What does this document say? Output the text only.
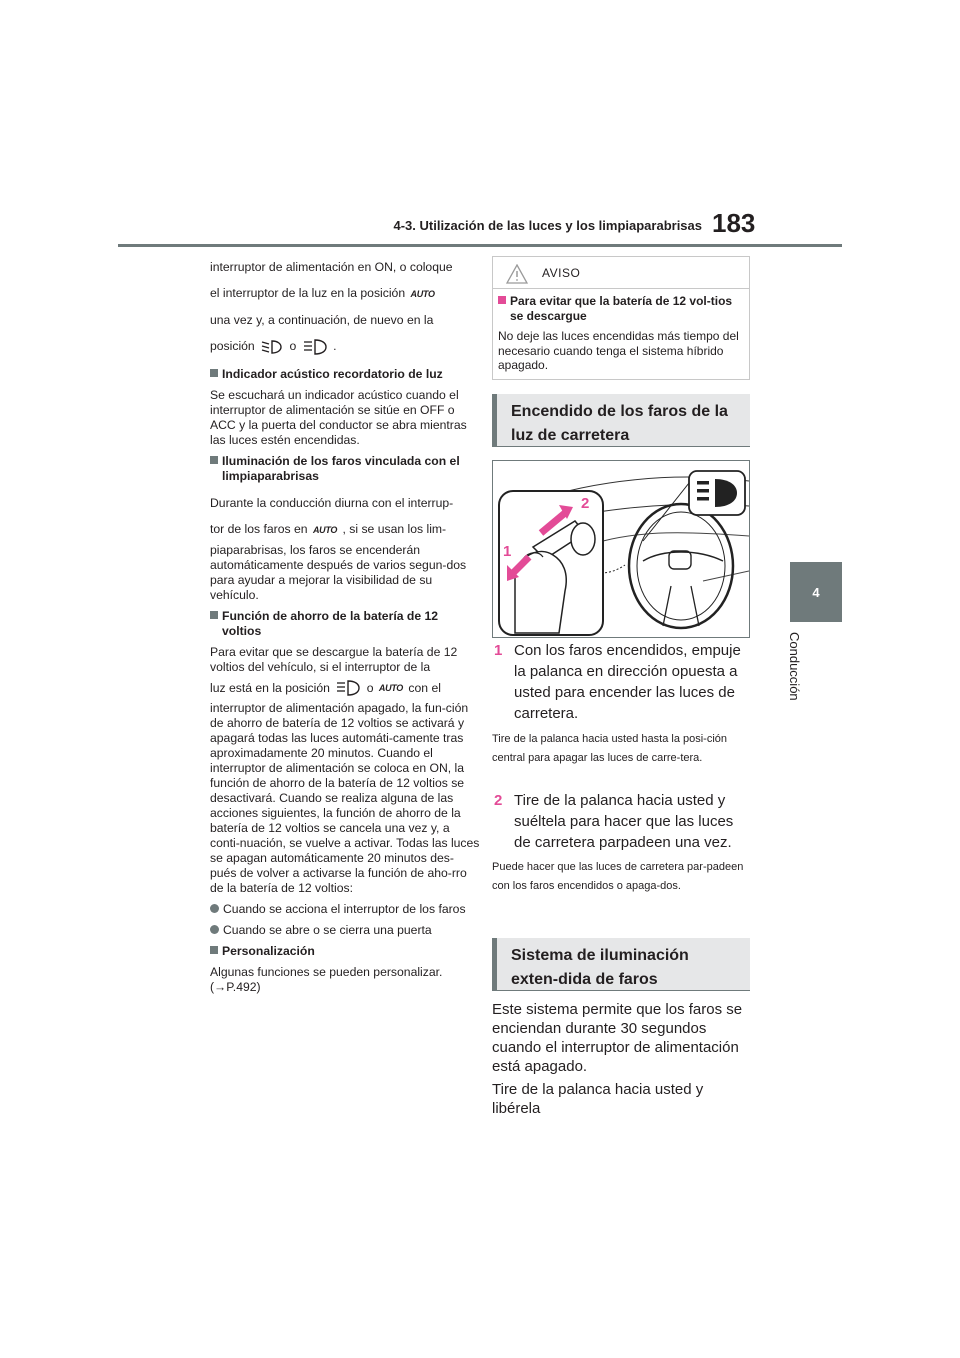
4-3. Utilización de las luces y los limpiaparabrisas 183
4
Conducción

interruptor de alimentación en ON, o coloque

el interruptor de la luz en la posición AUTO

una vez y, a continuación, de nuevo en la

posición	o	.

Indicador acústico recordatorio de luz

Se escuchará un indicador acústico cuando el interruptor de alimentación se sitúe en OFF o ACC y la puerta del conductor se abra mientras las luces estén encendidas.

Iluminación de los faros vinculada con el limpiaparabrisas

Durante la conducción diurna con el interrup-

tor de los faros en AUTO , si se usan los lim-

piaparabrisas, los faros se encenderán automáticamente después de varios segun-dos para ayudar a mejorar la visibilidad de su vehículo.

Función de ahorro de la batería de 12 voltios

Para evitar que se descargue la batería de 12 voltios del vehículo, si el interruptor de la

luz está en la posición	o AUTO con el

interruptor de alimentación apagado, la fun-ción de ahorro de batería de 12 voltios se activará y apagará todas las luces automáti-camente tras aproximadamente 20 minutos. Cuando el interruptor de alimentación se coloca en ON, la función de ahorro de la batería de 12 voltios se desactivará. Cuando se realiza alguna de las acciones siguientes, la función de ahorro de la batería de 12 voltios se cancela una vez y, a conti-nuación, se vuelve a activar. Todas las luces se apagan automáticamente 20 minutos des-pués de volver a activarse la función de aho-rro de la batería de 12 voltios:

Cuando se acciona el interruptor de los faros

Cuando se abre o se cierra una puerta

Personalización

Algunas funciones se pueden personalizar. (→P.492)

AVISO

Para evitar que la batería de 12 vol-tios se descargue

No deje las luces encendidas más tiempo del necesario cuando tenga el sistema híbrido apagado.

Encendido de los faros de la luz de carretera
2
1
1 Con los faros encendidos, empuje la palanca en dirección opuesta a usted para encender las luces de carretera.
Tire de la palanca hacia usted hasta la posi-ción central para apagar las luces de carre-tera.
2 Tire de la palanca hacia usted y suéltela para hacer que las luces de carretera parpadeen una vez.
Puede hacer que las luces de carretera par-padeen con los faros encendidos o apaga-dos.
Sistema de iluminación exten-dida de faros

Este sistema permite que los faros se enciendan durante 30 segundos cuando el interruptor de alimentación está apagado.

Tire de la palanca hacia usted y libérela
